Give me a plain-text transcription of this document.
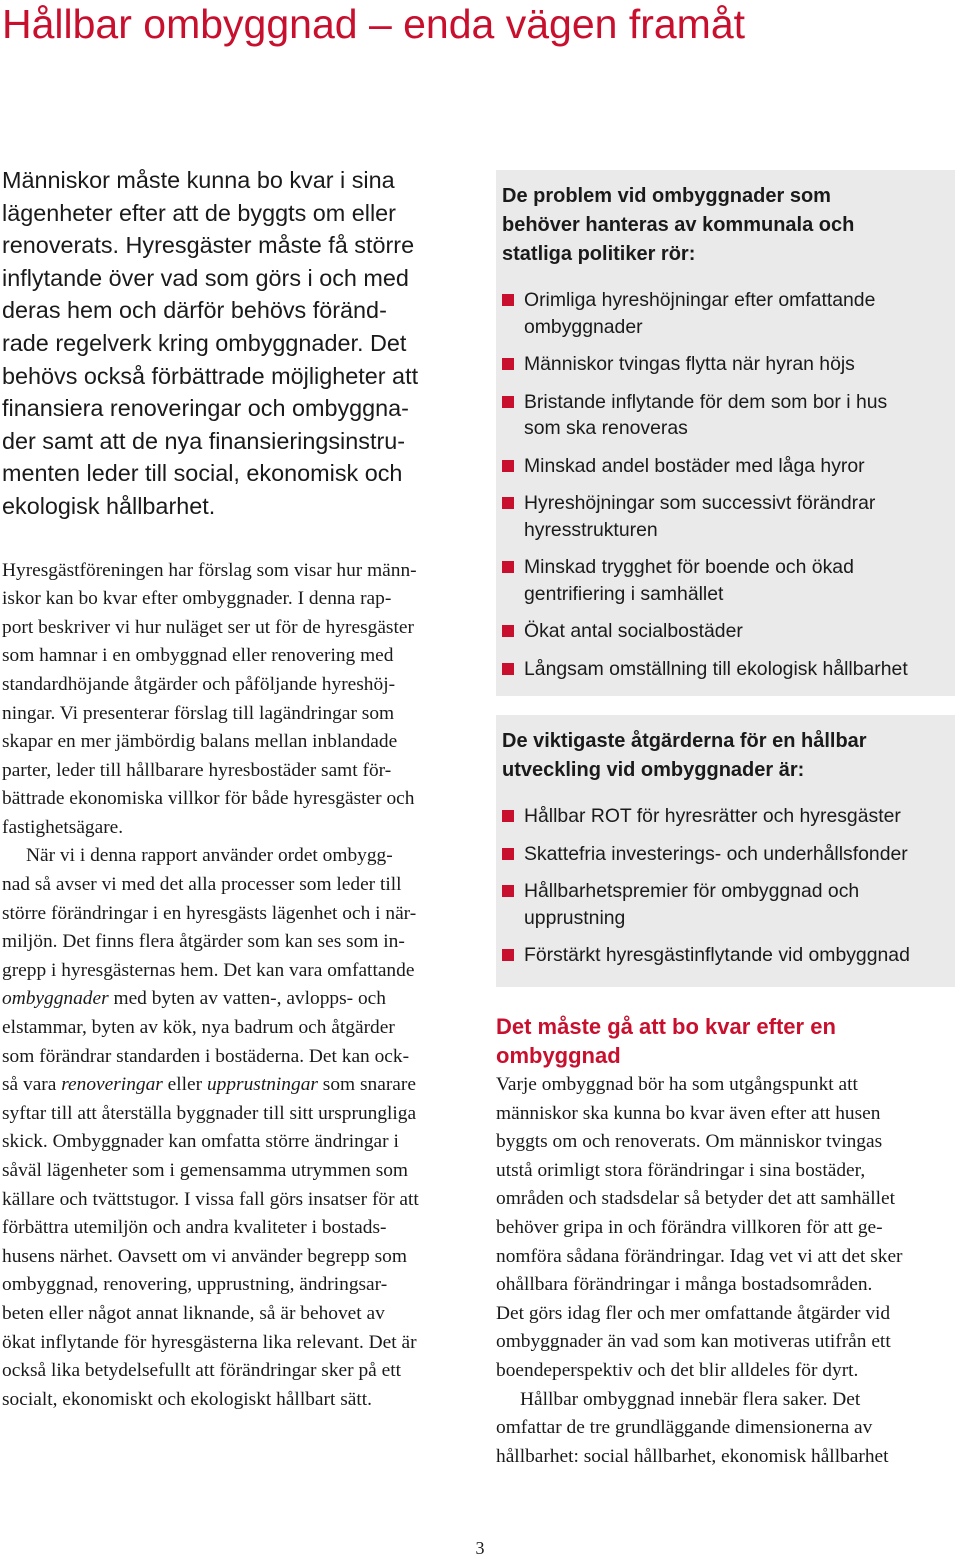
Hållbar ombyggnad – enda vägen framåt

Människor måste kunna bo kvar i sina
lägenheter efter att de byggts om eller
renoverats. Hyresgäster måste få större
inflytande över vad som görs i och med
deras hem och därför behövs föränd-
rade regelverk kring ombyggnader. Det
behövs också förbättrade möjligheter att
finansiera renoveringar och ombyggna-
der samt att de nya finansieringsinstru-
menten leder till social, ekonomisk och
ekologisk hållbarhet.

Hyresgästföreningen har förslag som visar hur männ-
iskor kan bo kvar efter ombyggnader. I denna rap-
port beskriver vi hur nuläget ser ut för de hyresgäster
som hamnar i en ombyggnad eller renovering med
standardhöjande åtgärder och påföljande hyreshöj-
ningar. Vi presenterar förslag till lagändringar som
skapar en mer jämbördig balans mellan inblandade
parter, leder till hållbarare hyresbostäder samt för-
bättrade ekonomiska villkor för både hyresgäster och
fastighetsägare.

När vi i denna rapport använder ordet ombygg-
nad så avser vi med det alla processer som leder till
större förändringar i en hyresgästs lägenhet och i när-
miljön. Det finns flera åtgärder som kan ses som in-
grepp i hyresgästernas hem. Det kan vara omfattande
ombyggnader med byten av vatten-, avlopps- och
elstammar, byten av kök, nya badrum och åtgärder
som förändrar standarden i bostäderna. Det kan ock-
så vara renoveringar eller upprustningar som snarare
syftar till att återställa byggnader till sitt ursprungliga
skick. Ombyggnader kan omfatta större ändringar i
såväl lägenheter som i gemensamma utrymmen som
källare och tvättstugor. I vissa fall görs insatser för att
förbättra utemiljön och andra kvaliteter i bostads-
husens närhet. Oavsett om vi använder begrepp som
ombyggnad, renovering, upprustning, ändringsar-
beten eller något annat liknande, så är behovet av
ökat inflytande för hyresgästerna lika relevant. Det är
också lika betydelsefullt att förändringar sker på ett
socialt, ekonomiskt och ekologiskt hållbart sätt.

De problem vid ombyggnader som
behöver hanteras av kommunala och
statliga politiker rör:
Orimliga hyreshöjningar efter omfattande
ombyggnader
Människor tvingas flytta när hyran höjs
Bristande inflytande för dem som bor i hus
som ska renoveras
Minskad andel bostäder med låga hyror
Hyreshöjningar som successivt förändrar
hyresstrukturen
Minskad trygghet för boende och ökad
gentrifiering i samhället
Ökat antal socialbostäder
Långsam omställning till ekologisk hållbarhet
De viktigaste åtgärderna för en hållbar
utveckling vid ombyggnader är:
Hållbar ROT för hyresrätter och hyresgäster
Skattefria investerings- och underhållsfonder
Hållbarhetspremier för ombyggnad och
upprustning
Förstärkt hyresgästinflytande vid ombyggnad
Det måste gå att bo kvar efter en
ombyggnad

Varje ombyggnad bör ha som utgångspunkt att
människor ska kunna bo kvar även efter att husen
byggts om och renoverats. Om människor tvingas
utstå orimligt stora förändringar i sina bostäder,
områden och stadsdelar så betyder det att samhället
behöver gripa in och förändra villkoren för att ge-
nomföra sådana förändringar. Idag vet vi att det sker
ohållbara förändringar i många bostadsområden.
Det görs idag fler och mer omfattande åtgärder vid
ombyggnader än vad som kan motiveras utifrån ett
boendeperspektiv och det blir alldeles för dyrt.

Hållbar ombyggnad innebär flera saker. Det
omfattar de tre grundläggande dimensionerna av
hållbarhet: social hållbarhet, ekonomisk hållbarhet

3
